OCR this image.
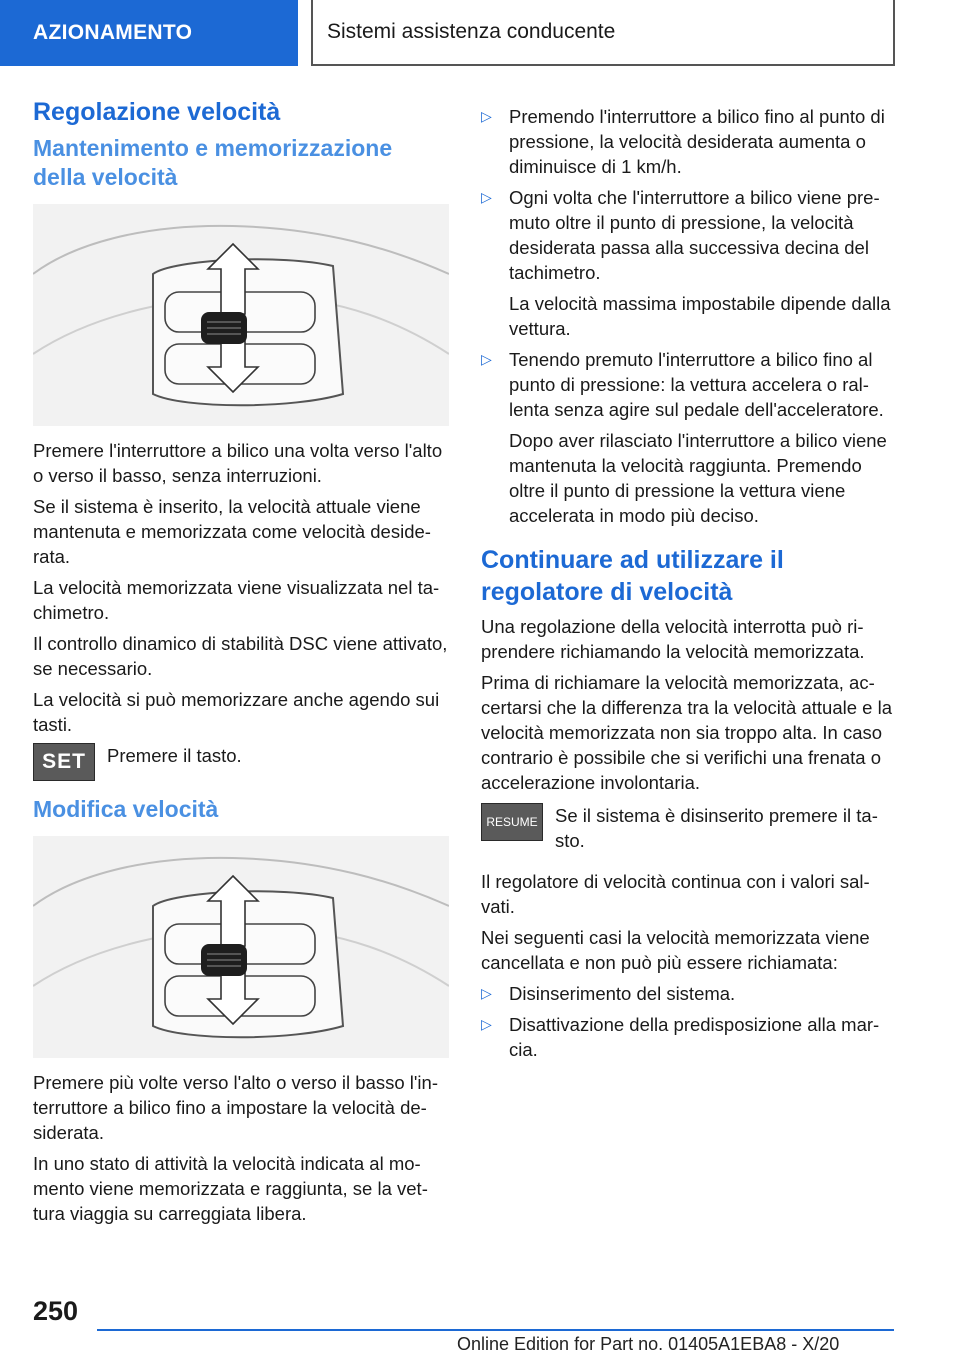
AZIONAMENTO	Sistemi assistenza conducente
Regolazione velocità
Mantenimento e memorizzazione della velocità

Premere l'interruttore a bilico una volta verso l'alto o verso il basso, senza interruzioni.

Se il sistema è inserito, la velocità attuale viene mantenuta e memorizzata come velocità desiderata.

La velocità memorizzata viene visualizzata nel tachimetro.

Il controllo dinamico di stabilità DSC viene attivato, se necessario.

La velocità si può memorizzare anche agendo sui tasti.

SET	Premere il tasto.

Modifica velocità

Premere più volte verso l'alto o verso il basso l'interruttore a bilico fino a impostare la velocità desiderata.

In uno stato di attività la velocità indicata al momento viene memorizzata e raggiunta, se la vettura viaggia su carreggiata libera.

▷ Premendo l'interruttore a bilico fino al punto di pressione, la velocità desiderata aumenta o diminuisce di 1 km/h.
▷ Ogni volta che l'interruttore a bilico viene premuto oltre il punto di pressione, la velocità desiderata passa alla successiva decina del tachimetro.
La velocità massima impostabile dipende dalla vettura.
▷ Tenendo premuto l'interruttore a bilico fino al punto di pressione: la vettura accelera o rallenta senza agire sul pedale dell'acceleratore.
Dopo aver rilasciato l'interruttore a bilico viene mantenuta la velocità raggiunta. Premendo oltre il punto di pressione la vettura viene accelerata in modo più deciso.
Continuare ad utilizzare il regolatore di velocità

Una regolazione della velocità interrotta può riprendere richiamando la velocità memorizzata.

Prima di richiamare la velocità memorizzata, accertarsi che la differenza tra la velocità attuale e la velocità memorizzata non sia troppo alta. In caso contrario è possibile che si verifichi una frenata o accelerazione involontaria.

RESUME Se il sistema è disinserito premere il tasto.

Il regolatore di velocità continua con i valori salvati.

Nei seguenti casi la velocità memorizzata viene cancellata e non può più essere richiamata:

▷ Disinserimento del sistema.
▷ Disattivazione della predisposizione alla marcia.
250
Online Edition for Part no. 01405A1EBA8 - X/20
